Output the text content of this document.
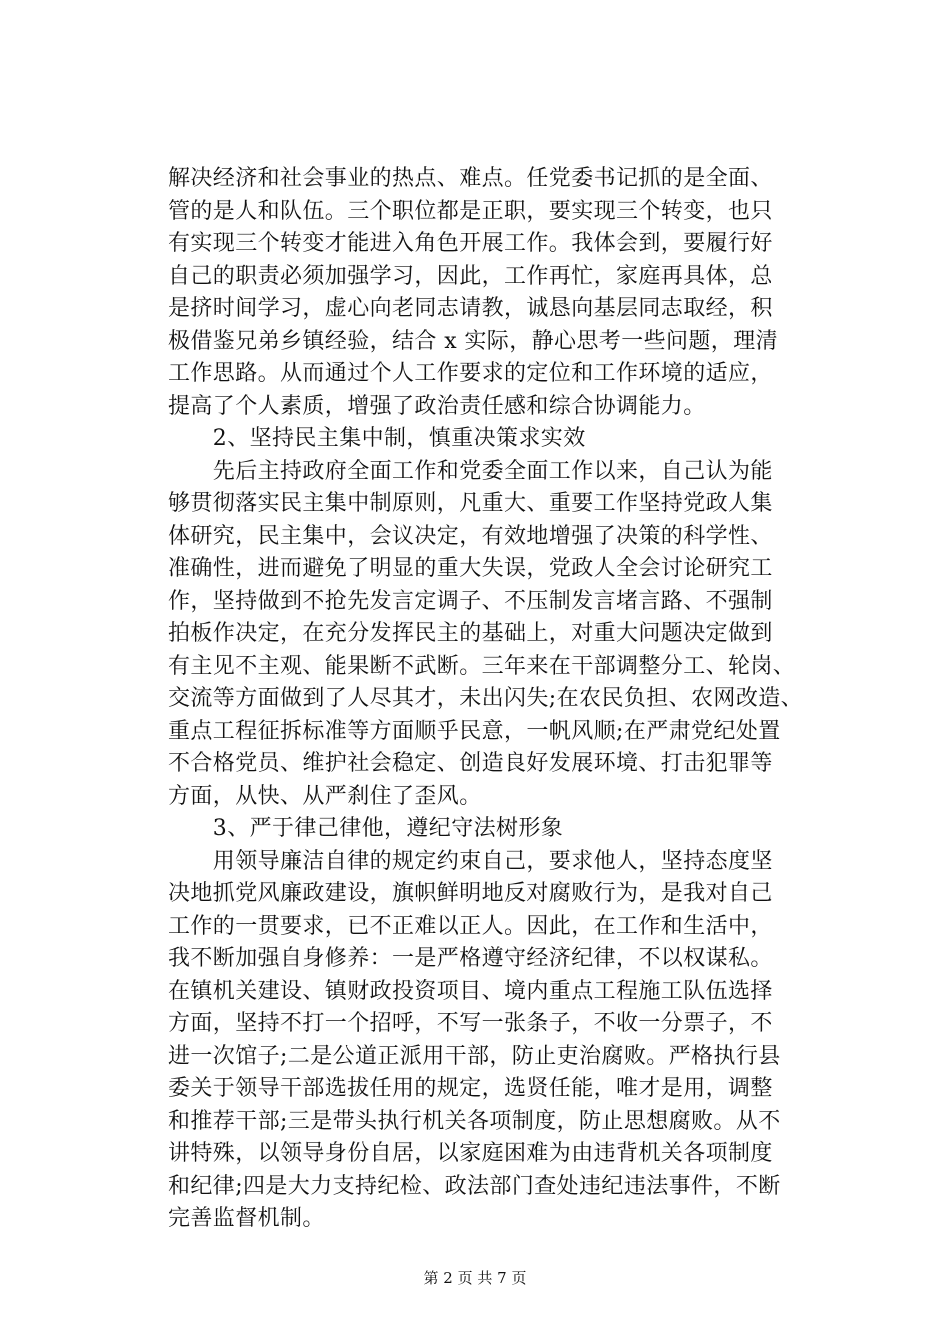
解决经济和社会事业的热点、难点。任党委书记抓的是全面、
管的是人和队伍。三个职位都是正职，要实现三个转变，也只
有实现三个转变才能进入角色开展工作。我体会到，要履行好
自己的职责必须加强学习，因此，工作再忙，家庭再具体，总
是挤时间学习，虚心向老同志请教，诚恳向基层同志取经，积
极借鉴兄弟乡镇经验，结合 x 实际，静心思考一些问题，理清
工作思路。从而通过个人工作要求的定位和工作环境的适应，
提高了个人素质，增强了政治责任感和综合协调能力。
　　2、坚持民主集中制，慎重决策求实效
　　先后主持政府全面工作和党委全面工作以来，自己认为能
够贯彻落实民主集中制原则，凡重大、重要工作坚持党政人集
体研究，民主集中，会议决定，有效地增强了决策的科学性、
准确性，进而避免了明显的重大失误，党政人全会讨论研究工
作，坚持做到不抢先发言定调子、不压制发言堵言路、不强制
拍板作决定，在充分发挥民主的基础上，对重大问题决定做到
有主见不主观、能果断不武断。三年来在干部调整分工、轮岗、
交流等方面做到了人尽其才，未出闪失;在农民负担、农网改造、
重点工程征拆标准等方面顺乎民意，一帆风顺;在严肃党纪处置
不合格党员、维护社会稳定、创造良好发展环境、打击犯罪等
方面，从快、从严刹住了歪风。
　　3、严于律己律他，遵纪守法树形象
　　用领导廉洁自律的规定约束自己，要求他人，坚持态度坚
决地抓党风廉政建设，旗帜鲜明地反对腐败行为，是我对自己
工作的一贯要求，已不正难以正人。因此，在工作和生活中，
我不断加强自身修养：一是严格遵守经济纪律，不以权谋私。
在镇机关建设、镇财政投资项目、境内重点工程施工队伍选择
方面，坚持不打一个招呼，不写一张条子，不收一分票子，不
进一次馆子;二是公道正派用干部，防止吏治腐败。严格执行县
委关于领导干部选拔任用的规定，选贤任能，唯才是用，调整
和推荐干部;三是带头执行机关各项制度，防止思想腐败。从不
讲特殊，以领导身份自居，以家庭困难为由违背机关各项制度
和纪律;四是大力支持纪检、政法部门查处违纪违法事件，不断
完善监督机制。
第 2 页 共 7 页
